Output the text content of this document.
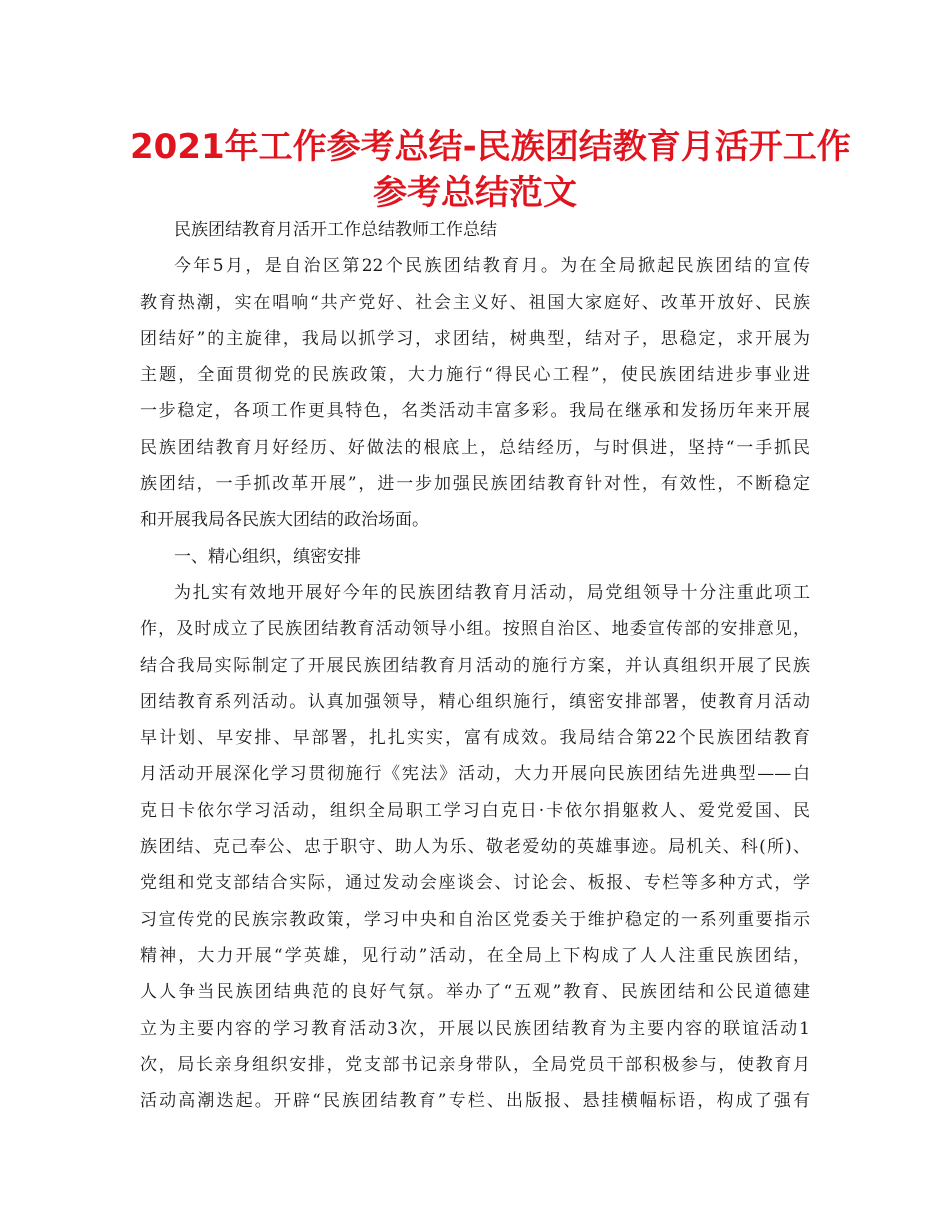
2021年工作参考总结-民族团结教育月活开工作
参考总结范文
民族团结教育月活开工作总结教师工作总结
今年5月，是自治区第22个民族团结教育月。为在全局掀起民族团结的宣传
教育热潮，实在唱响“共产党好、社会主义好、祖国大家庭好、改革开放好、民族
团结好”的主旋律，我局以抓学习，求团结，树典型，结对子，思稳定，求开展为
主题，全面贯彻党的民族政策，大力施行“得民心工程”，使民族团结进步事业进
一步稳定，各项工作更具特色，名类活动丰富多彩。我局在继承和发扬历年来开展
民族团结教育月好经历、好做法的根底上，总结经历，与时俱进，坚持“一手抓民
族团结，一手抓改革开展”，进一步加强民族团结教育针对性，有效性，不断稳定
和开展我局各民族大团结的政治场面。
一、精心组织，缜密安排
为扎实有效地开展好今年的民族团结教育月活动，局党组领导十分注重此项工
作，及时成立了民族团结教育活动领导小组。按照自治区、地委宣传部的安排意见，
结合我局实际制定了开展民族团结教育月活动的施行方案，并认真组织开展了民族
团结教育系列活动。认真加强领导，精心组织施行，缜密安排部署，使教育月活动
早计划、早安排、早部署，扎扎实实，富有成效。我局结合第22个民族团结教育
月活动开展深化学习贯彻施行《宪法》活动，大力开展向民族团结先进典型——白
克日卡依尔学习活动，组织全局职工学习白克日·卡依尔捐躯救人、爱党爱国、民
族团结、克己奉公、忠于职守、助人为乐、敬老爱幼的英雄事迹。局机关、科(所)、
党组和党支部结合实际，通过发动会座谈会、讨论会、板报、专栏等多种方式，学
习宣传党的民族宗教政策，学习中央和自治区党委关于维护稳定的一系列重要指示
精神，大力开展“学英雄，见行动”活动，在全局上下构成了人人注重民族团结，
人人争当民族团结典范的良好气氛。举办了“五观”教育、民族团结和公民道德建
立为主要内容的学习教育活动3次，开展以民族团结教育为主要内容的联谊活动1
次，局长亲身组织安排，党支部书记亲身带队，全局党员干部积极参与，使教育月
活动高潮迭起。开辟“民族团结教育”专栏、出版报、悬挂横幅标语，构成了强有
